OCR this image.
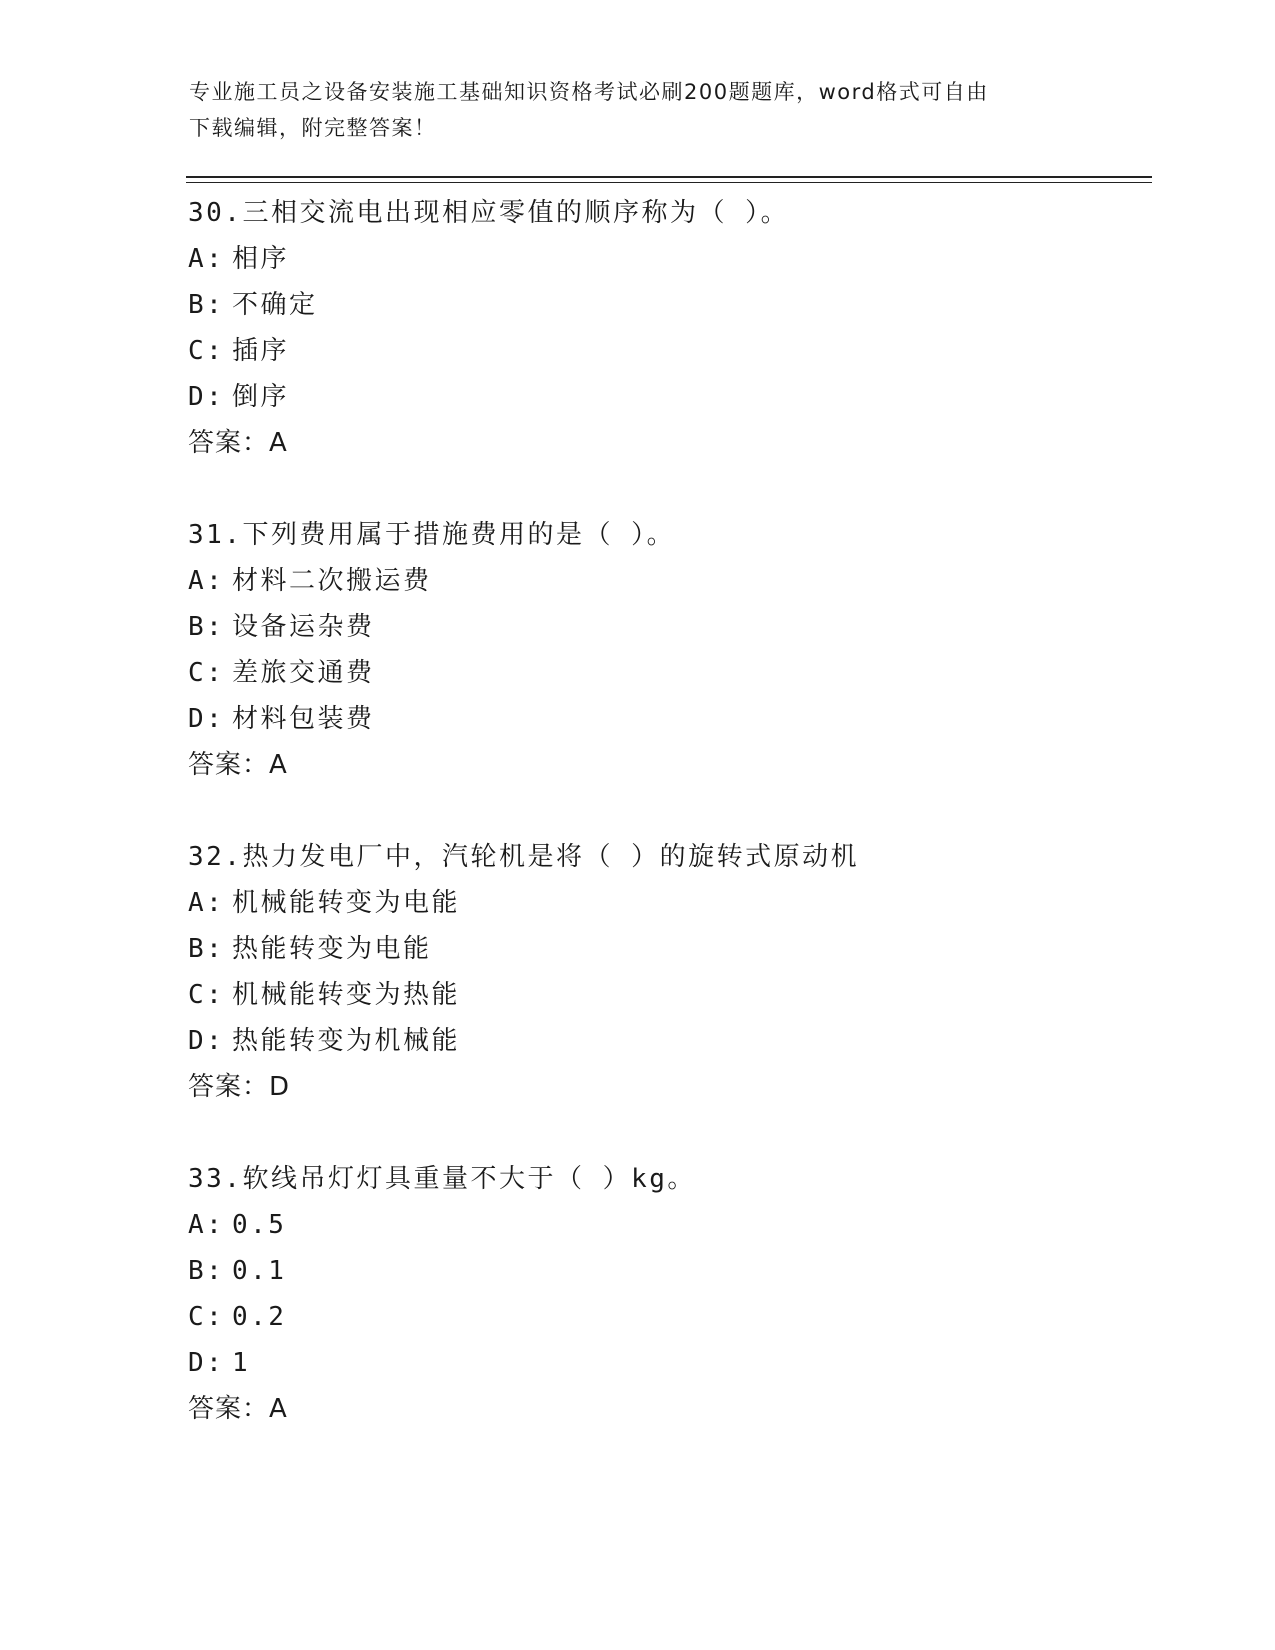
专业施工员之设备安装施工基础知识资格考试必刷200题题库，word格式可自由
下载编辑，附完整答案！
30.三相交流电出现相应零值的顺序称为（ ）。
A: 相序
B: 不确定
C: 插序
D: 倒序
答案：A
31.下列费用属于措施费用的是（ ）。
A: 材料二次搬运费
B: 设备运杂费
C: 差旅交通费
D: 材料包装费
答案：A
32.热力发电厂中，汽轮机是将（ ）的旋转式原动机
A: 机械能转变为电能
B: 热能转变为电能
C: 机械能转变为热能
D: 热能转变为机械能
答案：D
33.软线吊灯灯具重量不大于（ ）kg。
A: 0.5
B: 0.1
C: 0.2
D: 1
答案：A
